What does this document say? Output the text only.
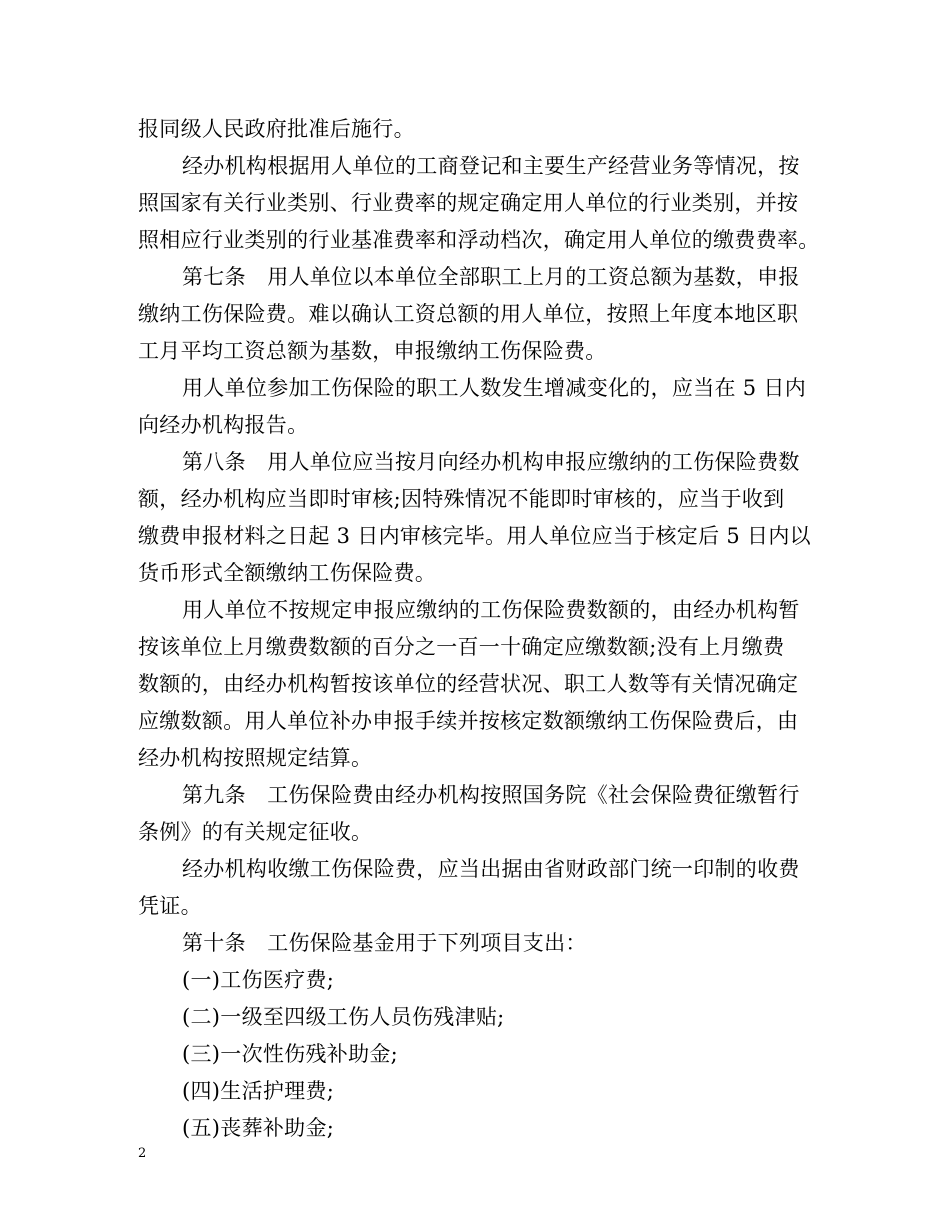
报同级人民政府批准后施行。
经办机构根据用人单位的工商登记和主要生产经营业务等情况，按
照国家有关行业类别、行业费率的规定确定用人单位的行业类别，并按
照相应行业类别的行业基准费率和浮动档次，确定用人单位的缴费费率。
第七条　用人单位以本单位全部职工上月的工资总额为基数，申报
缴纳工伤保险费。难以确认工资总额的用人单位，按照上年度本地区职
工月平均工资总额为基数，申报缴纳工伤保险费。
用人单位参加工伤保险的职工人数发生增减变化的，应当在 5 日内
向经办机构报告。
第八条　用人单位应当按月向经办机构申报应缴纳的工伤保险费数
额，经办机构应当即时审核;因特殊情况不能即时审核的，应当于收到
缴费申报材料之日起 3 日内审核完毕。用人单位应当于核定后 5 日内以
货币形式全额缴纳工伤保险费。
用人单位不按规定申报应缴纳的工伤保险费数额的，由经办机构暂
按该单位上月缴费数额的百分之一百一十确定应缴数额;没有上月缴费
数额的，由经办机构暂按该单位的经营状况、职工人数等有关情况确定
应缴数额。用人单位补办申报手续并按核定数额缴纳工伤保险费后，由
经办机构按照规定结算。
第九条　工伤保险费由经办机构按照国务院《社会保险费征缴暂行
条例》的有关规定征收。
经办机构收缴工伤保险费，应当出据由省财政部门统一印制的收费
凭证。
第十条　工伤保险基金用于下列项目支出：
(一)工伤医疗费;
(二)一级至四级工伤人员伤残津贴;
(三)一次性伤残补助金;
(四)生活护理费;
(五)丧葬补助金;
2
